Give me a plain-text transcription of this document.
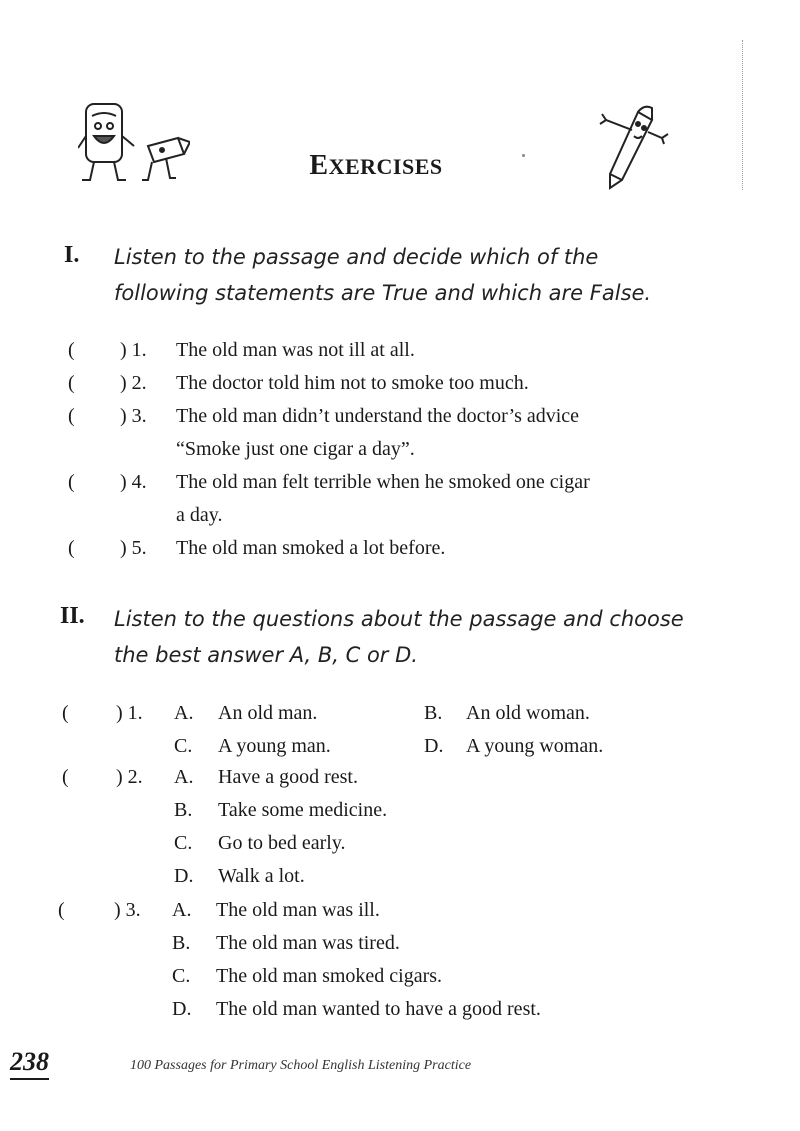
EXERCISES
I. Listen to the passage and decide which of the
following statements are True and which are False.
( ) 1. The old man was not ill at all.
( ) 2. The doctor told him not to smoke too much.
( ) 3. The old man didn’t understand the doctor’s advice
“Smoke just one cigar a day”.
( ) 4. The old man felt terrible when he smoked one cigar
a day.
( ) 5. The old man smoked a lot before.
II. Listen to the questions about the passage and choose
the best answer A, B, C or D.
( ) 1. A. An old man.	B. An old woman.
C. A young man.	D. A young woman.
( ) 2. A. Have a good rest.
B. Take some medicine.
C. Go to bed early.
D. Walk a lot.
( ) 3. A. The old man was ill.
B. The old man was tired.
C. The old man smoked cigars.
D. The old man wanted to have a good rest.
238	100 Passages for Primary School English Listening Practice
